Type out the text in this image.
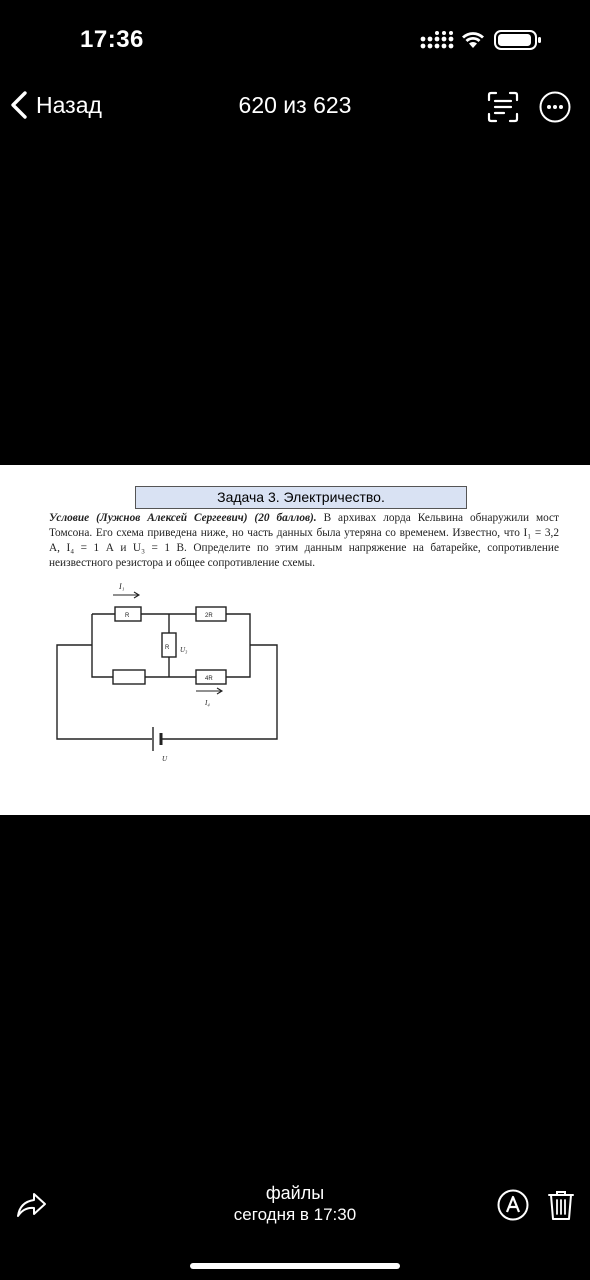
17:36
Назад	620 из 623
Задача 3. Электричество.
Условие (Лужнов Алексей Сергеевич) (20 баллов). В архивах лорда Кельвина обнаружили мост Томсона. Его схема приведена ниже, но часть данных была утеряна со временем. Известно, что I₁ = 3,2 А, I₄ = 1 А и U₃ = 1 В. Определите по этим данным напряжение на батарейке, сопротивление неизвестного резистора и общее сопротивление схемы.
I₁
R	2R
R U₃
4R
I₄
U
файлы
сегодня в 17:30
